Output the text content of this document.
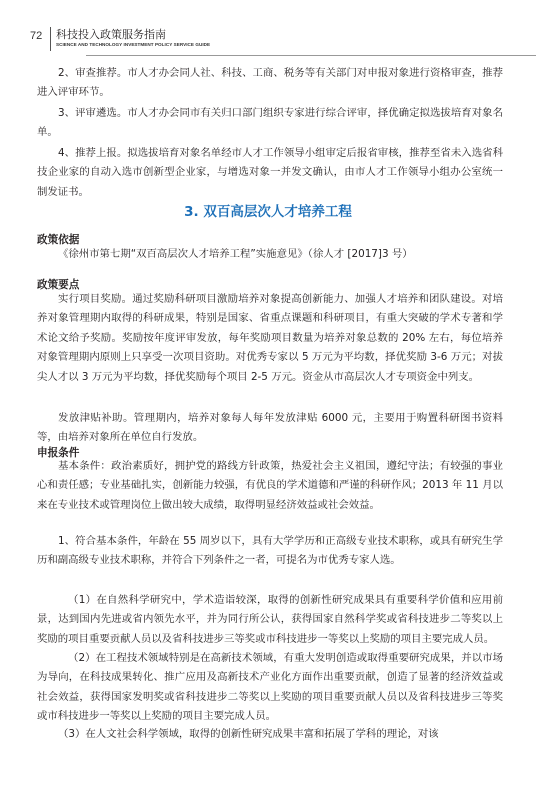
72 科技投入政策服务指南
SCIENCE AND TECHNOLOGY INVESTMENT POLICY SERVICE GUIDE

2、审查推荐。市人才办会同人社、科技、工商、税务等有关部门对申报对象进行资格审查，推荐进入评审环节。

3、评审遴选。市人才办会同市有关归口部门组织专家进行综合评审，择优确定拟选拔培育对象名单。

4、推荐上报。拟选拔培育对象名单经市人才工作领导小组审定后报省审核，推荐至省未入选省科技企业家的自动入选市创新型企业家，与增选对象一并发文确认，由市人才工作领导小组办公室统一制发证书。

3. 双百高层次人才培养工程
政策依据

《徐州市第七期“双百高层次人才培养工程”实施意见》（徐人才 [2017]3 号）

政策要点

实行项目奖励。通过奖励科研项目激励培养对象提高创新能力、加强人才培养和团队建设。对培养对象管理期内取得的科研成果，特别是国家、省重点课题和科研项目，有重大突破的学术专著和学术论文给予奖励。奖励按年度评审发放，每年奖励项目数量为培养对象总数的 20% 左右，每位培养对象管理期内原则上只享受一次项目资助。对优秀专家以 5 万元为平均数，择优奖励 3-6 万元；对拔尖人才以 3 万元为平均数，择优奖励每个项目 2-5 万元。资金从市高层次人才专项资金中列支。

发放津贴补助。管理期内，培养对象每人每年发放津贴 6000 元，主要用于购置科研图书资料等，由培养对象所在单位自行发放。

申报条件

基本条件：政治素质好，拥护党的路线方针政策，热爱社会主义祖国，遵纪守法；有较强的事业心和责任感；专业基础扎实，创新能力较强，有优良的学术道德和严谨的科研作风；2013 年 11 月以来在专业技术或管理岗位上做出较大成绩，取得明显经济效益或社会效益。

1、符合基本条件，年龄在 55 周岁以下，具有大学学历和正高级专业技术职称，或具有研究生学历和副高级专业技术职称，并符合下列条件之一者，可提名为市优秀专家人选。

（1）在自然科学研究中，学术造诣较深，取得的创新性研究成果具有重要科学价值和应用前景，达到国内先进或省内领先水平，并为同行所公认，获得国家自然科学奖或省科技进步二等奖以上奖励的项目重要贡献人员以及省科技进步三等奖或市科技进步一等奖以上奖励的项目主要完成人员。

（2）在工程技术领域特别是在高新技术领域，有重大发明创造或取得重要研究成果，并以市场为导向，在科技成果转化、推广应用及高新技术产业化方面作出重要贡献，创造了显著的经济效益或社会效益，获得国家发明奖或省科技进步二等奖以上奖励的项目重要贡献人员以及省科技进步三等奖或市科技进步一等奖以上奖励的项目主要完成人员。

（3）在人文社会科学领域，取得的创新性研究成果丰富和拓展了学科的理论，对该
